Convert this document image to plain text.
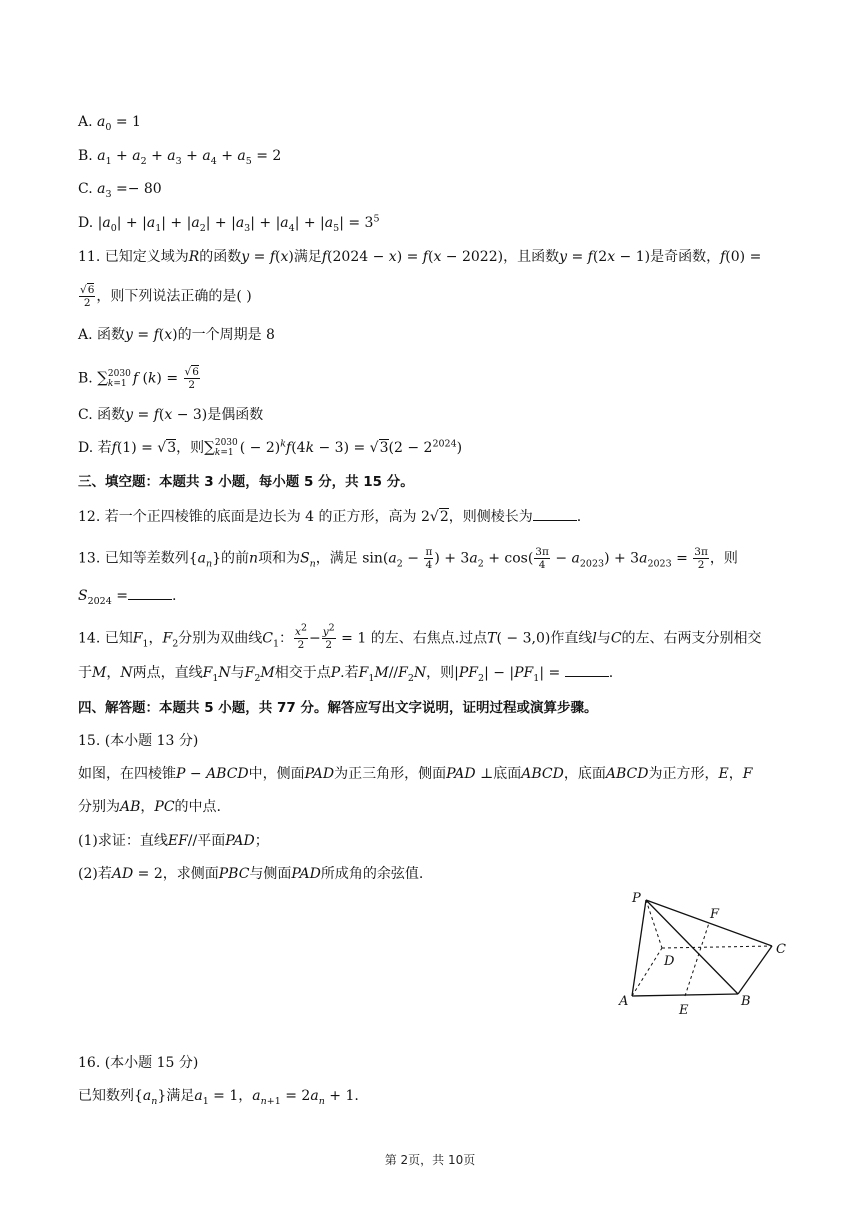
A. $a_0 = 1$
B. $a_1 + a_2 + a_3 + a_4 + a_5 = 2$
C. $a_3 =- 80$
D. $|a_0| + |a_1| + |a_2| + |a_3| + |a_4| + |a_5| = 3^5$
11. 已知定义域为R的函数y = f(x)满足f(2024 − x) = f(x − 2022)，且函数y = f(2x − 1)是奇函数，f(0) =
$\frac{√6}{2}$ ，则下列说法正确的是( )
A. 函数y = f(x)的一个周期是 8
B. ∑ 2030
k=1 f $(k) = \frac{√6}{2}$
C. 函数y = f(x − 3)是偶函数
D. 若f(1) = √3，则∑ 2030
k=1 ( − $2)^kf(4k - 3) = √3(2 - 2^{2024})$
三、填空题：本题共 3 小题，每小题 5 分，共 15 分。
12. 若一个正四棱锥的底面是边长为 4 的正方形，高为 2√2，则侧棱长为	.
13. 已知等差数列$\{a_n\}$的前n项和为$S_n$，满足 $\sin(a_2 - \frac{\pi}{4}$ ) + $3a_2 + \cos( \frac{3\pi}{4} - a_{2023}) + 3a_{2023} = \frac{3\pi}{2}$ ，则
$S_{2024}$ =	.
14. 已知$F_1$，$F_2$分别为双曲线$C_1$： $\frac{x^2}{2} - \frac{y^2}{2} = 1$ 的左、右焦点.过点T( − 3,0)作直线l与C的左、右两支分别相交
于M，N两点，直线$F_1N$与$F_2M$相交于点P.若$F_1M//F_2N$，则$|PF_2| - |PF_1|$ =	.
四、解答题：本题共 5 小题，共 77 分。解答应写出文字说明，证明过程或演算步骤。
15. (本小题 13 分)
如图，在四棱锥P − ABCD中，侧面PAD为正三角形，侧面PAD ⊥底面ABCD，底面ABCD为正方形，E，F
分别为AB，PC的中点.
(1)求证：直线EF//平面PAD；
(2)若AD = 2，求侧面PBC与侧面PAD所成角的余弦值.
P
F
C
D
A
E
B
16. (本小题 15 分)
已知数列$\{a_n\}$满足$a_1 = 1$，$a_{n+1} = 2a_n + 1$.
第 2页，共 10页
